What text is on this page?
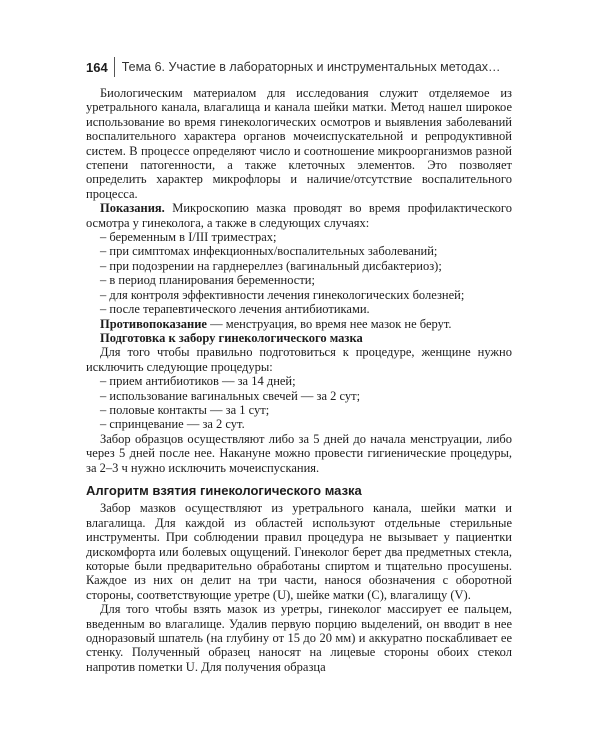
164 Тема 6. Участие в лабораторных и инструментальных методах…

Биологическим материалом для исследования служит отделяемое из уретрального канала, влагалища и канала шейки матки. Метод нашел широкое использование во время гинекологических осмотров и выявления заболеваний воспалительного характера органов мочеиспускательной и репродуктивной систем. В процессе определяют число и соотношение микроорганизмов разной степени патогенности, а также клеточных элементов. Это позволяет определить характер микрофлоры и наличие/отсутствие воспалительного процесса.

Показания. Микроскопию мазка проводят во время профилактического осмотра у гинеколога, а также в следующих случаях:

– беременным в I/III триместрах;
– при симптомах инфекционных/воспалительных заболеваний;
– при подозрении на гарднереллез (вагинальный дисбактериоз);
– в период планирования беременности;
– для контроля эффективности лечения гинекологических болезней;
– после терапевтического лечения антибиотиками.

Противопоказание — менструация, во время нее мазок не берут.

Подготовка к забору гинекологического мазка

Для того чтобы правильно подготовиться к процедуре, женщине нужно исключить следующие процедуры:

– прием антибиотиков — за 14 дней;
– использование вагинальных свечей — за 2 сут;
– половые контакты — за 1 сут;
– спринцевание — за 2 сут.

Забор образцов осуществляют либо за 5 дней до начала менструации, либо через 5 дней после нее. Накануне можно провести гигиенические процедуры, за 2–3 ч нужно исключить мочеиспускания.

Алгоритм взятия гинекологического мазка

Забор мазков осуществляют из уретрального канала, шейки матки и влагалища. Для каждой из областей используют отдельные стерильные инструменты. При соблюдении правил процедура не вызывает у пациентки дискомфорта или болевых ощущений. Гинеколог берет два предметных стекла, которые были предварительно обработаны спиртом и тщательно просушены. Каждое из них он делит на три части, нанося обозначения с оборотной стороны, соответствующие уретре (U), шейке матки (C), влагалищу (V).

Для того чтобы взять мазок из уретры, гинеколог массирует ее пальцем, введенным во влагалище. Удалив первую порцию выделений, он вводит в нее одноразовый шпатель (на глубину от 15 до 20 мм) и аккуратно поскабливает ее стенку. Полученный образец наносят на лицевые стороны обоих стекол напротив пометки U. Для получения образца
